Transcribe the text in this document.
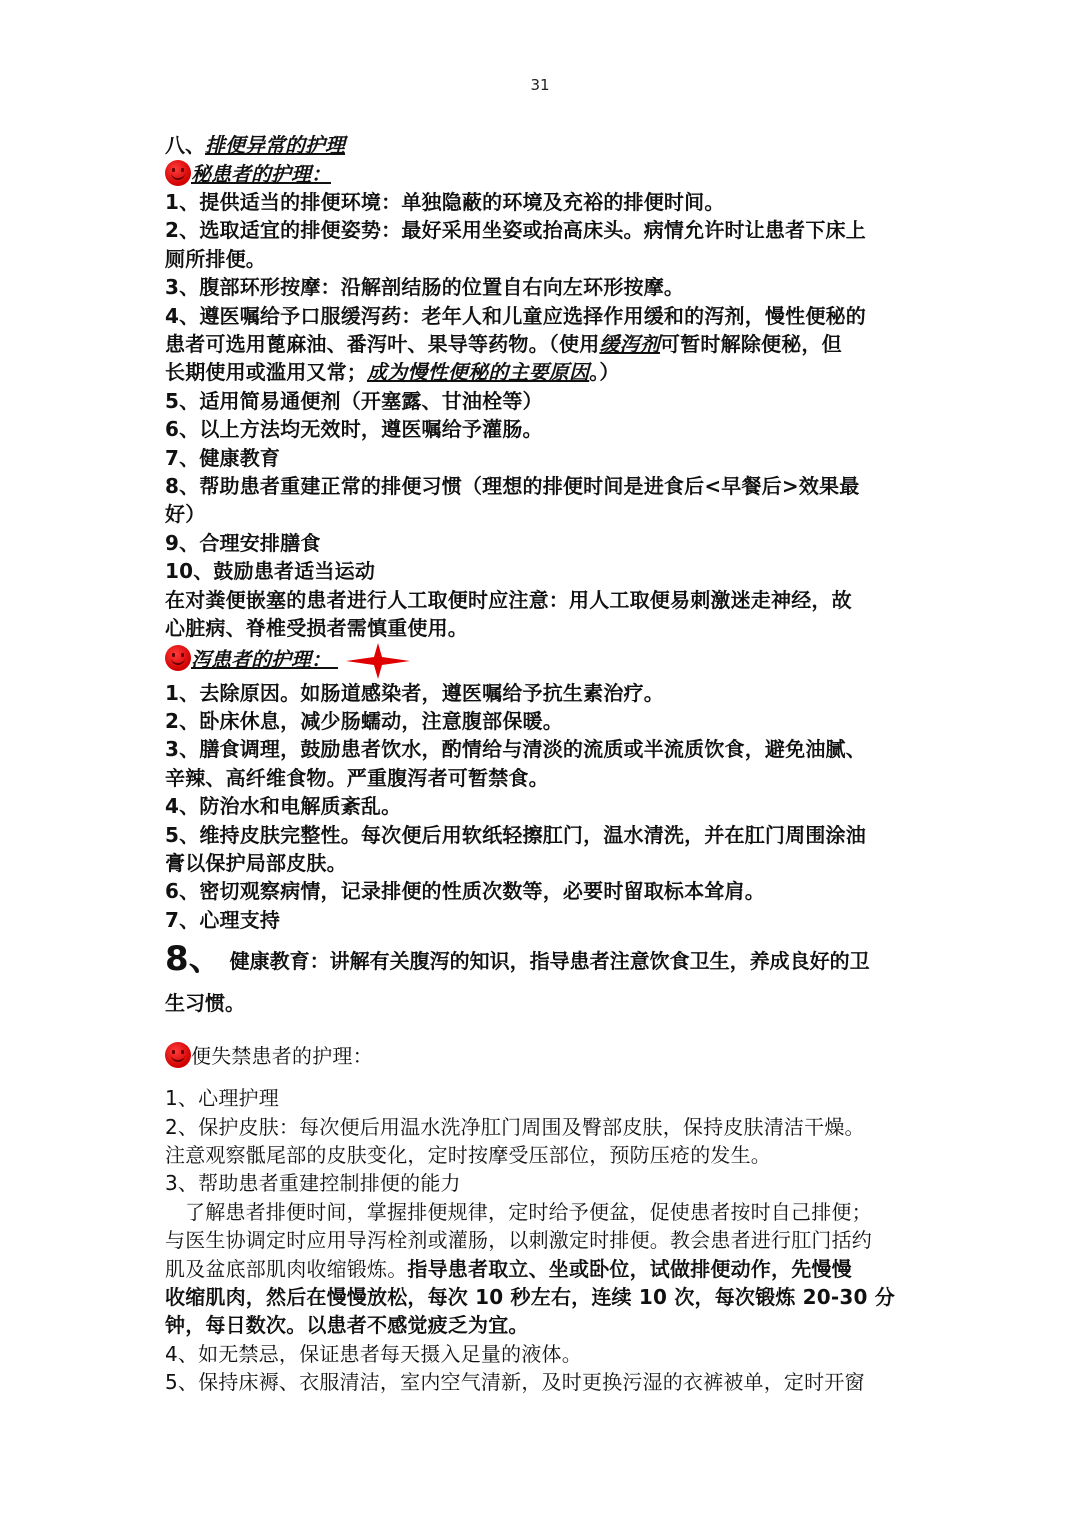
31
八、排便异常的护理
秘患者的护理：
1、提供适当的排便环境：单独隐蔽的环境及充裕的排便时间。
2、选取适宜的排便姿势：最好采用坐姿或抬高床头。病情允许时让患者下床上
厕所排便。
3、腹部环形按摩：沿解剖结肠的位置自右向左环形按摩。
4、遵医嘱给予口服缓泻药：老年人和儿童应选择作用缓和的泻剂，慢性便秘的
患者可选用蓖麻油、番泻叶、果导等药物。（使用缓泻剂可暂时解除便秘，但
长期使用或滥用又常；成为慢性便秘的主要原因。）
5、适用简易通便剂（开塞露、甘油栓等）
6、以上方法均无效时，遵医嘱给予灌肠。
7、健康教育
8、帮助患者重建正常的排便习惯（理想的排便时间是进食后<早餐后>效果最
好）
9、合理安排膳食
10、鼓励患者适当运动
在对粪便嵌塞的患者进行人工取便时应注意：用人工取便易刺激迷走神经，故
心脏病、脊椎受损者需慎重使用。
泻患者的护理：
1、去除原因。如肠道感染者，遵医嘱给予抗生素治疗。
2、卧床休息，减少肠蠕动，注意腹部保暖。
3、膳食调理，鼓励患者饮水，酌情给与清淡的流质或半流质饮食，避免油腻、
辛辣、高纤维食物。严重腹泻者可暂禁食。
4、防治水和电解质紊乱。
5、维持皮肤完整性。每次便后用软纸轻擦肛门，温水清洗，并在肛门周围涂油
膏以保护局部皮肤。
6、密切观察病情，记录排便的性质次数等，必要时留取标本耸肩。
7、心理支持
8、 健康教育：讲解有关腹泻的知识，指导患者注意饮食卫生，养成良好的卫
生习惯。
便失禁患者的护理：
1、心理护理
2、保护皮肤：每次便后用温水洗净肛门周围及臀部皮肤，保持皮肤清洁干燥。
注意观察骶尾部的皮肤变化，定时按摩受压部位，预防压疮的发生。
3、帮助患者重建控制排便的能力
了解患者排便时间，掌握排便规律，定时给予便盆，促使患者按时自己排便；
与医生协调定时应用导泻栓剂或灌肠，以刺激定时排便。教会患者进行肛门括约
肌及盆底部肌肉收缩锻炼。指导患者取立、坐或卧位，试做排便动作，先慢慢
收缩肌肉，然后在慢慢放松，每次 10 秒左右，连续 10 次，每次锻炼 20-30 分
钟，每日数次。以患者不感觉疲乏为宜。
4、如无禁忌，保证患者每天摄入足量的液体。
5、保持床褥、衣服清洁，室内空气清新，及时更换污湿的衣裤被单，定时开窗
